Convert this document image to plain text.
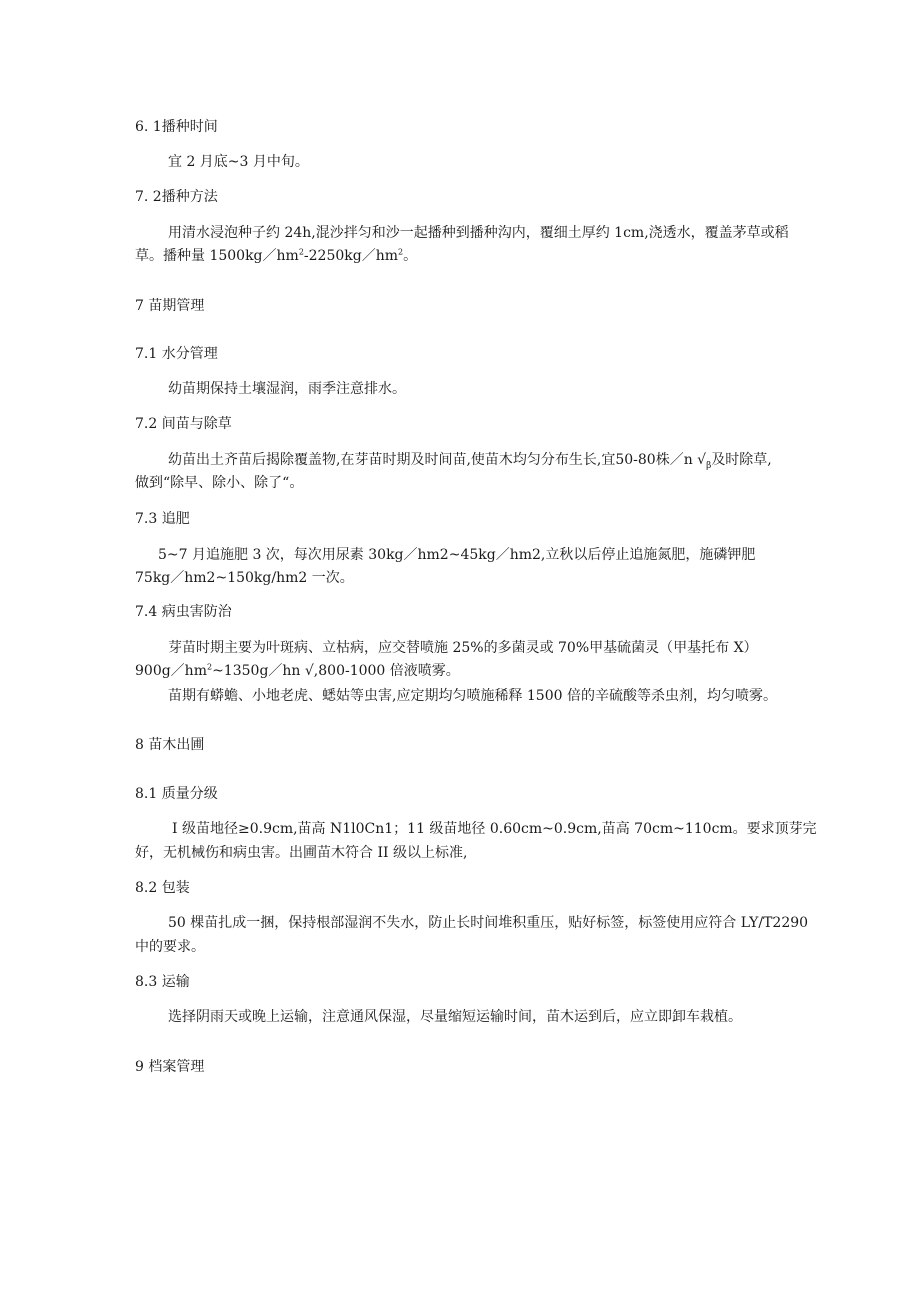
6. 1播种时间
宜 2 月底~3 月中旬。
7. 2播种方法
用清水浸泡种子约 24h,混沙拌匀和沙一起播种到播种沟内，覆细土厚约 1cm,浇透水，覆盖茅草或稻
草。播种量 $1500kg/hm^2-2250kg/hm^2$。
7 苗期管理
7.1 水分管理
幼苗期保持土壤湿润，雨季注意排水。
7.2 间苗与除草
幼苗出土齐苗后揭除覆盖物,在芽苗时期及时间苗,使苗木均匀分布生长,宜50-80株／n $√_\beta$及时除草,
做到“除早、除小、除了“。
7.3 追肥
5~7 月追施肥 3 次，每次用尿素 30kg／hm2~45kg／hm2,立秋以后停止追施氮肥，施磷钾肥
75kg／hm2~150kg/hm2 一次。
7.4 病虫害防治
芽苗时期主要为叶斑病、立枯病，应交替喷施 25%的多菌灵或 70%甲基硫菌灵（甲基托布 X）
$900g/hm^2\sim 1350g/hn$ √,800-1000 倍液喷雾。
苗期有蟒蟾、小地老虎、蟋姑等虫害,应定期均匀喷施稀释 1500 倍的辛硫酸等杀虫剂，均匀喷雾。
8 苗木出圃
8.1 质量分级
I 级苗地径≥0.9cm,苗高 N1l0Cn1；11 级苗地径 0.60cm~0.9cm,苗高 70cm~110cm。要求顶芽完
好，无机械伤和病虫害。出圃苗木符合 II 级以上标准,
8.2 包装
50 棵苗扎成一捆，保持根部湿润不失水，防止长时间堆积重压，贴好标签，标签使用应符合 LY/T2290
中的要求。
8.3 运输
选择阴雨天或晚上运输，注意通风保湿，尽量缩短运输时间，苗木运到后，应立即卸车栽植。
9 档案管理
